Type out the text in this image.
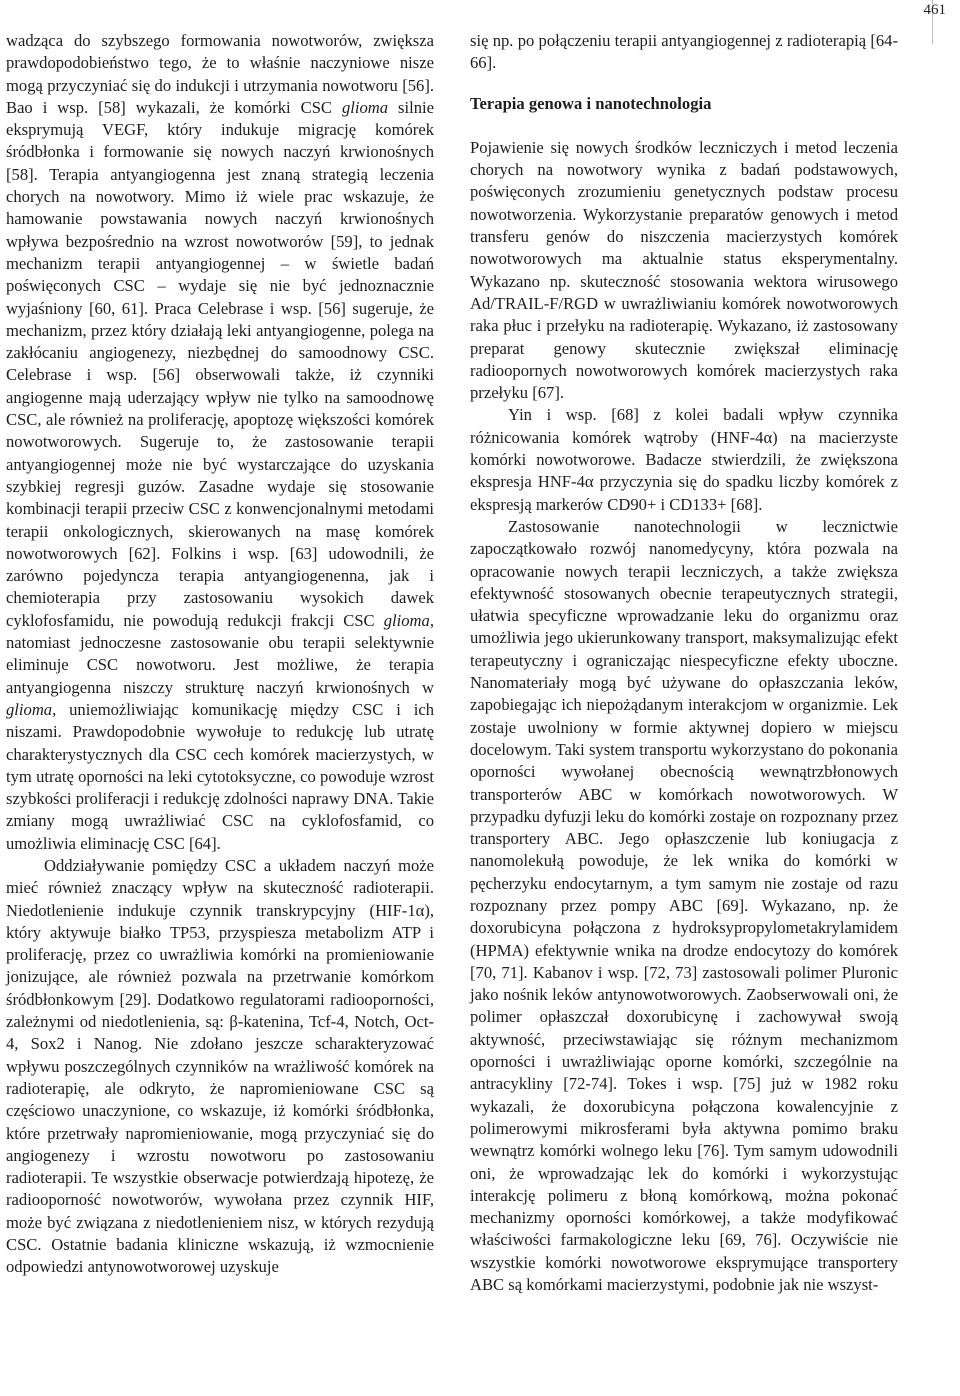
461

wadząca do szybszego formowania nowotworów, zwiększa prawdopodobieństwo tego, że to właśnie naczyniowe nisze mogą przyczyniać się do indukcji i utrzymania nowotworu [56]. Bao i wsp. [58] wykazali, że komórki CSC glioma silnie eksprymują VEGF, który indukuje migrację komórek śródbłonka i formowanie się nowych naczyń krwionośnych [58]. Terapia antyangiogenna jest znaną strategią leczenia chorych na nowotwory. Mimo iż wiele prac wskazuje, że hamowanie powstawania nowych naczyń krwionośnych wpływa bezpośrednio na wzrost nowotworów [59], to jednak mechanizm terapii antyangiogennej – w świetle badań poświęconych CSC – wydaje się nie być jednoznacznie wyjaśniony [60, 61]. Praca Celebrase i wsp. [56] sugeruje, że mechanizm, przez który działają leki antyangiogenne, polega na zakłócaniu angiogenezy, niezbędnej do samoodnowy CSC. Celebrase i wsp. [56] obserwowali także, iż czynniki angiogenne mają uderzający wpływ nie tylko na samoodnowę CSC, ale również na proliferację, apoptozę większości komórek nowotworowych. Sugeruje to, że zastosowanie terapii antyangiogennej może nie być wystarczające do uzyskania szybkiej regresji guzów. Zasadne wydaje się stosowanie kombinacji terapii przeciw CSC z konwencjonalnymi metodami terapii onkologicznych, skierowanych na masę komórek nowotworowych [62]. Folkins i wsp. [63] udowodnili, że zarówno pojedyncza terapia antyangiogenenna, jak i chemioterapia przy zastosowaniu wysokich dawek cyklofosfamidu, nie powodują redukcji frakcji CSC glioma, natomiast jednoczesne zastosowanie obu terapii selektywnie eliminuje CSC nowotworu. Jest możliwe, że terapia antyangiogenna niszczy strukturę naczyń krwionośnych w glioma, uniemożliwiając komunikację między CSC i ich niszami. Prawdopodobnie wywołuje to redukcję lub utratę charakterystycznych dla CSC cech komórek macierzystych, w tym utratę oporności na leki cytotoksyczne, co powoduje wzrost szybkości proliferacji i redukcję zdolności naprawy DNA. Takie zmiany mogą uwrażliwiać CSC na cyklofosfamid, co umożliwia eliminację CSC [64].

Oddziaływanie pomiędzy CSC a układem naczyń może mieć również znaczący wpływ na skuteczność radioterapii. Niedotlenienie indukuje czynnik transkrypcyjny (HIF-1α), który aktywuje białko TP53, przyspiesza metabolizm ATP i proliferację, przez co uwrażliwia komórki na promieniowanie jonizujące, ale również pozwala na przetrwanie komórkom śródbłonkowym [29]. Dodatkowo regulatorami radiooporności, zależnymi od niedotlenienia, są: β-katenina, Tcf-4, Notch, Oct-4, Sox2 i Nanog. Nie zdołano jeszcze scharakteryzować wpływu poszczególnych czynników na wrażliwość komórek na radioterapię, ale odkryto, że napromieniowane CSC są częściowo unaczynione, co wskazuje, iż komórki śródbłonka, które przetrwały napromieniowanie, mogą przyczyniać się do angiogenezy i wzrostu nowotworu po zastosowaniu radioterapii. Te wszystkie obserwacje potwierdzają hipotezę, że radiooporność nowotworów, wywołana przez czynnik HIF, może być związana z niedotlenieniem nisz, w których rezydują CSC. Ostatnie badania kliniczne wskazują, iż wzmocnienie odpowiedzi antynowotworowej uzyskuje

się np. po połączeniu terapii antyangiogennej z radioterapią [64-66].

Terapia genowa i nanotechnologia

Pojawienie się nowych środków leczniczych i metod leczenia chorych na nowotwory wynika z badań podstawowych, poświęconych zrozumieniu genetycznych podstaw procesu nowotworzenia. Wykorzystanie preparatów genowych i metod transferu genów do niszczenia macierzystych komórek nowotworowych ma aktualnie status eksperymentalny. Wykazano np. skuteczność stosowania wektora wirusowego Ad/TRAIL-F/RGD w uwrażliwianiu komórek nowotworowych raka płuc i przełyku na radioterapię. Wykazano, iż zastosowany preparat genowy skutecznie zwiększał eliminację radioopornych nowotworowych komórek macierzystych raka przełyku [67].

Yin i wsp. [68] z kolei badali wpływ czynnika różnicowania komórek wątroby (HNF-4α) na macierzyste komórki nowotworowe. Badacze stwierdzili, że zwiększona ekspresja HNF-4α przyczynia się do spadku liczby komórek z ekspresją markerów CD90+ i CD133+ [68].

Zastosowanie nanotechnologii w lecznictwie zapoczątkowało rozwój nanomedycyny, która pozwala na opracowanie nowych terapii leczniczych, a także zwiększa efektywność stosowanych obecnie terapeutycznych strategii, ułatwia specyficzne wprowadzanie leku do organizmu oraz umożliwia jego ukierunkowany transport, maksymalizując efekt terapeutyczny i ograniczając niespecyficzne efekty uboczne. Nanomateriały mogą być używane do opłaszczania leków, zapobiegając ich niepożądanym interakcjom w organizmie. Lek zostaje uwolniony w formie aktywnej dopiero w miejscu docelowym. Taki system transportu wykorzystano do pokonania oporności wywołanej obecnością wewnątrzbłonowych transporterów ABC w komórkach nowotworowych. W przypadku dyfuzji leku do komórki zostaje on rozpoznany przez transportery ABC. Jego opłaszczenie lub koniugacja z nanomolekułą powoduje, że lek wnika do komórki w pęcherzyku endocytarnym, a tym samym nie zostaje od razu rozpoznany przez pompy ABC [69]. Wykazano, np. że doxorubicyna połączona z hydroksypropylometakrylamidem (HPMA) efektywnie wnika na drodze endocytozy do komórek [70, 71]. Kabanov i wsp. [72, 73] zastosowali polimer Pluronic jako nośnik leków antynowotworowych. Zaobserwowali oni, że polimer opłaszczał doxorubicynę i zachowywał swoją aktywność, przeciwstawiając się różnym mechanizmom oporności i uwrażliwiając oporne komórki, szczególnie na antracykliny [72-74]. Tokes i wsp. [75] już w 1982 roku wykazali, że doxorubicyna połączona kowalencyjnie z polimerowymi mikrosferami była aktywna pomimo braku wewnątrz komórki wolnego leku [76]. Tym samym udowodnili oni, że wprowadzając lek do komórki i wykorzystując interakcję polimeru z błoną komórkową, można pokonać mechanizmy oporności komórkowej, a także modyfikować właściwości farmakologiczne leku [69, 76]. Oczywiście nie wszystkie komórki nowotworowe eksprymujące transportery ABC są komórkami macierzystymi, podobnie jak nie wszyst-
